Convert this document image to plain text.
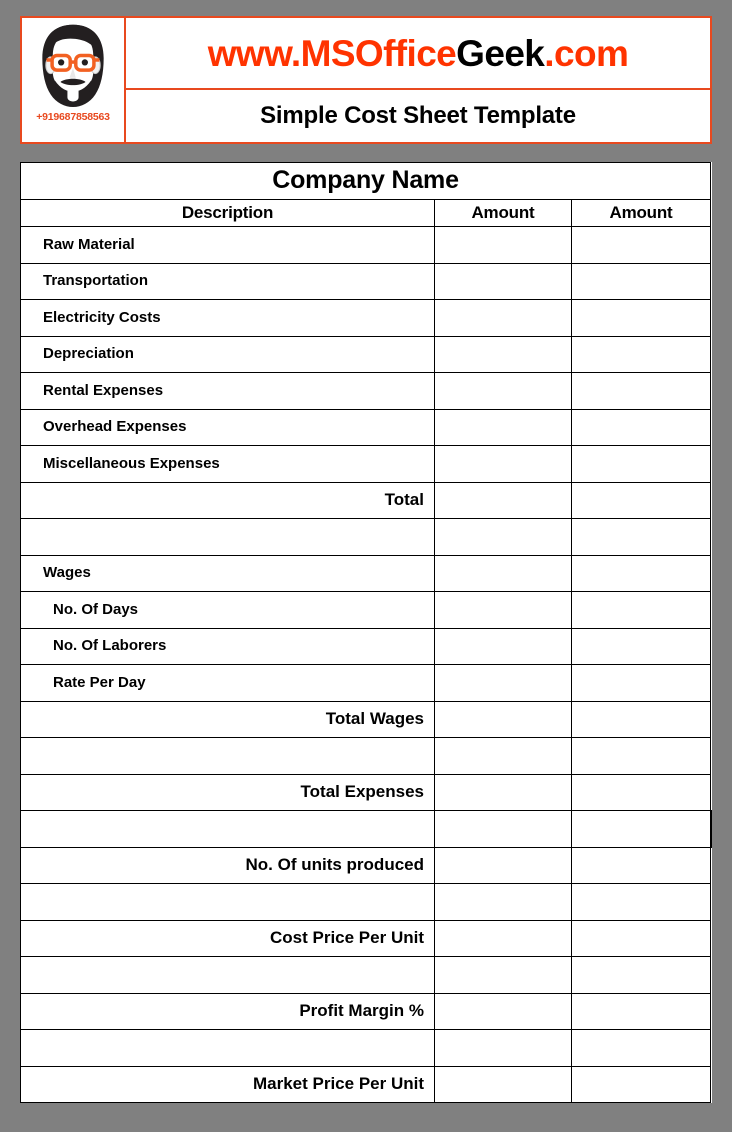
+919687858563
www.MSOffice Geek .com
Simple Cost Sheet Template
Company Name			
Description	Amount	Amount	
Raw Material			
Transportation			
Electricity Costs			
Depreciation			
Rental Expenses			
Overhead Expenses			
Miscellaneous Expenses			
Total			

Wages			
No. Of Days			
No. Of Laborers			
Rate Per Day			
Total Wages			

Total Expenses			

No. Of units produced			

Cost Price Per Unit			

Profit Margin %			

Market Price Per Unit			
